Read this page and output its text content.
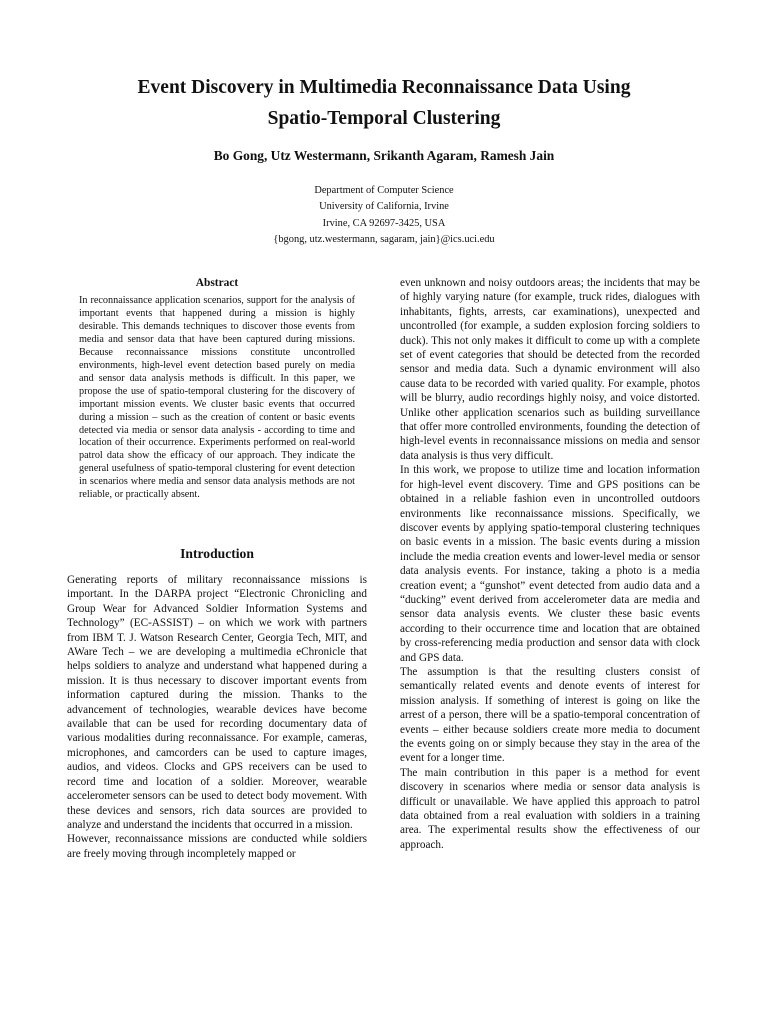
Event Discovery in Multimedia Reconnaissance Data Using
Spatio-Temporal Clustering
Bo Gong, Utz Westermann, Srikanth Agaram, Ramesh Jain
Department of Computer Science
University of California, Irvine
Irvine, CA 92697-3425, USA
{bgong, utz.westermann, sagaram, jain}@ics.uci.edu
Abstract

In reconnaissance application scenarios, support for the analysis of important events that happened during a mission is highly desirable. This demands techniques to discover those events from media and sensor data that have been captured during missions. Because reconnaissance missions constitute uncontrolled environments, high-level event detection based purely on media and sensor data analysis methods is difficult. In this paper, we propose the use of spatio-temporal clustering for the discovery of important mission events. We cluster basic events that occurred during a mission – such as the creation of content or basic events detected via media or sensor data analysis - according to time and location of their occurrence. Experiments performed on real-world patrol data show the efficacy of our approach. They indicate the general usefulness of spatio-temporal clustering for event detection in scenarios where media and sensor data analysis methods are not reliable, or practically absent.

Introduction

Generating reports of military reconnaissance missions is important. In the DARPA project “Electronic Chronicling and Group Wear for Advanced Soldier Information Systems and Technology” (EC-ASSIST) – on which we work with partners from IBM T. J. Watson Research Center, Georgia Tech, MIT, and AWare Tech – we are developing a multimedia eChronicle that helps soldiers to analyze and understand what happened during a mission. It is thus necessary to discover important events from information captured during the mission. Thanks to the advancement of technologies, wearable devices have become available that can be used for recording documentary data of various modalities during reconnaissance. For example, cameras, microphones, and camcorders can be used to capture images, audios, and videos. Clocks and GPS receivers can be used to record time and location of a soldier. Moreover, wearable accelerometer sensors can be used to detect body movement. With these devices and sensors, rich data sources are provided to analyze and understand the incidents that occurred in a mission.

However, reconnaissance missions are conducted while soldiers are freely moving through incompletely mapped or

even unknown and noisy outdoors areas; the incidents that may be of highly varying nature (for example, truck rides, dialogues with inhabitants, fights, arrests, car examinations), unexpected and uncontrolled (for example, a sudden explosion forcing soldiers to duck). This not only makes it difficult to come up with a complete set of event categories that should be detected from the recorded sensor and media data. Such a dynamic environment will also cause data to be recorded with varied quality. For example, photos will be blurry, audio recordings highly noisy, and voice distorted. Unlike other application scenarios such as building surveillance that offer more controlled environments, founding the detection of high-level events in reconnaissance missions on media and sensor data analysis is thus very difficult.

In this work, we propose to utilize time and location information for high-level event discovery. Time and GPS positions can be obtained in a reliable fashion even in uncontrolled outdoors environments like reconnaissance missions. Specifically, we discover events by applying spatio-temporal clustering techniques on basic events in a mission. The basic events during a mission include the media creation events and lower-level media or sensor data analysis events. For instance, taking a photo is a media creation event; a “gunshot” event detected from audio data and a “ducking” event derived from accelerometer data are media and sensor data analysis events. We cluster these basic events according to their occurrence time and location that are obtained by cross-referencing media production and sensor data with clock and GPS data.

The assumption is that the resulting clusters consist of semantically related events and denote events of interest for mission analysis. If something of interest is going on like the arrest of a person, there will be a spatio-temporal concentration of events – either because soldiers create more media to document the events going on or simply because they stay in the area of the event for a longer time.

The main contribution in this paper is a method for event discovery in scenarios where media or sensor data analysis is difficult or unavailable. We have applied this approach to patrol data obtained from a real evaluation with soldiers in a training area. The experimental results show the effectiveness of our approach.
